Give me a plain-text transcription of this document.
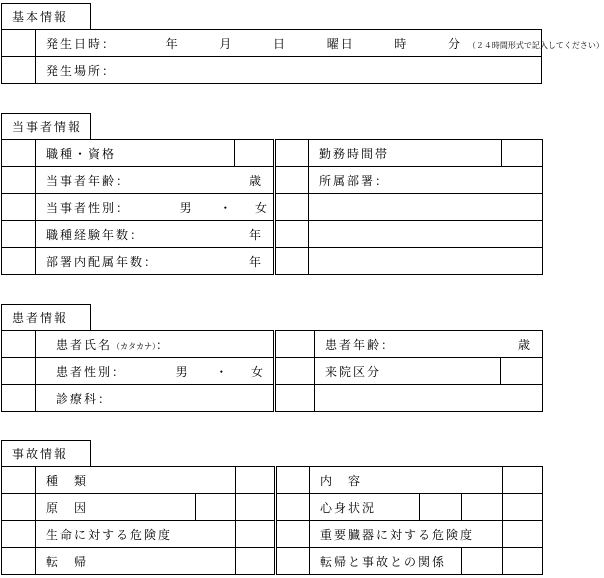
基本情報
	発生日時： 年 月 日 曜日 時 分 （２４時間形式で記入してください）
	発生場所：
当事者情報
	職種・資格			勤務時間帯	
	当事者年齢： 歳			所属部署：	
	当事者性別： 男 ・ 女				
	職種経験年数： 年				

	部署内配属年数： 年				

患者情報
	患者氏名（カタカナ）：		患者年齢： 歳	

	患者性別： 男 ・ 女		来院区分	
	診療科：			
事故情報
	種　類				内　容			
	原　因				心身状況			
	生命に対する危険度				重要臓器に対する危険度			
	転　帰				転帰と事故との関係			
